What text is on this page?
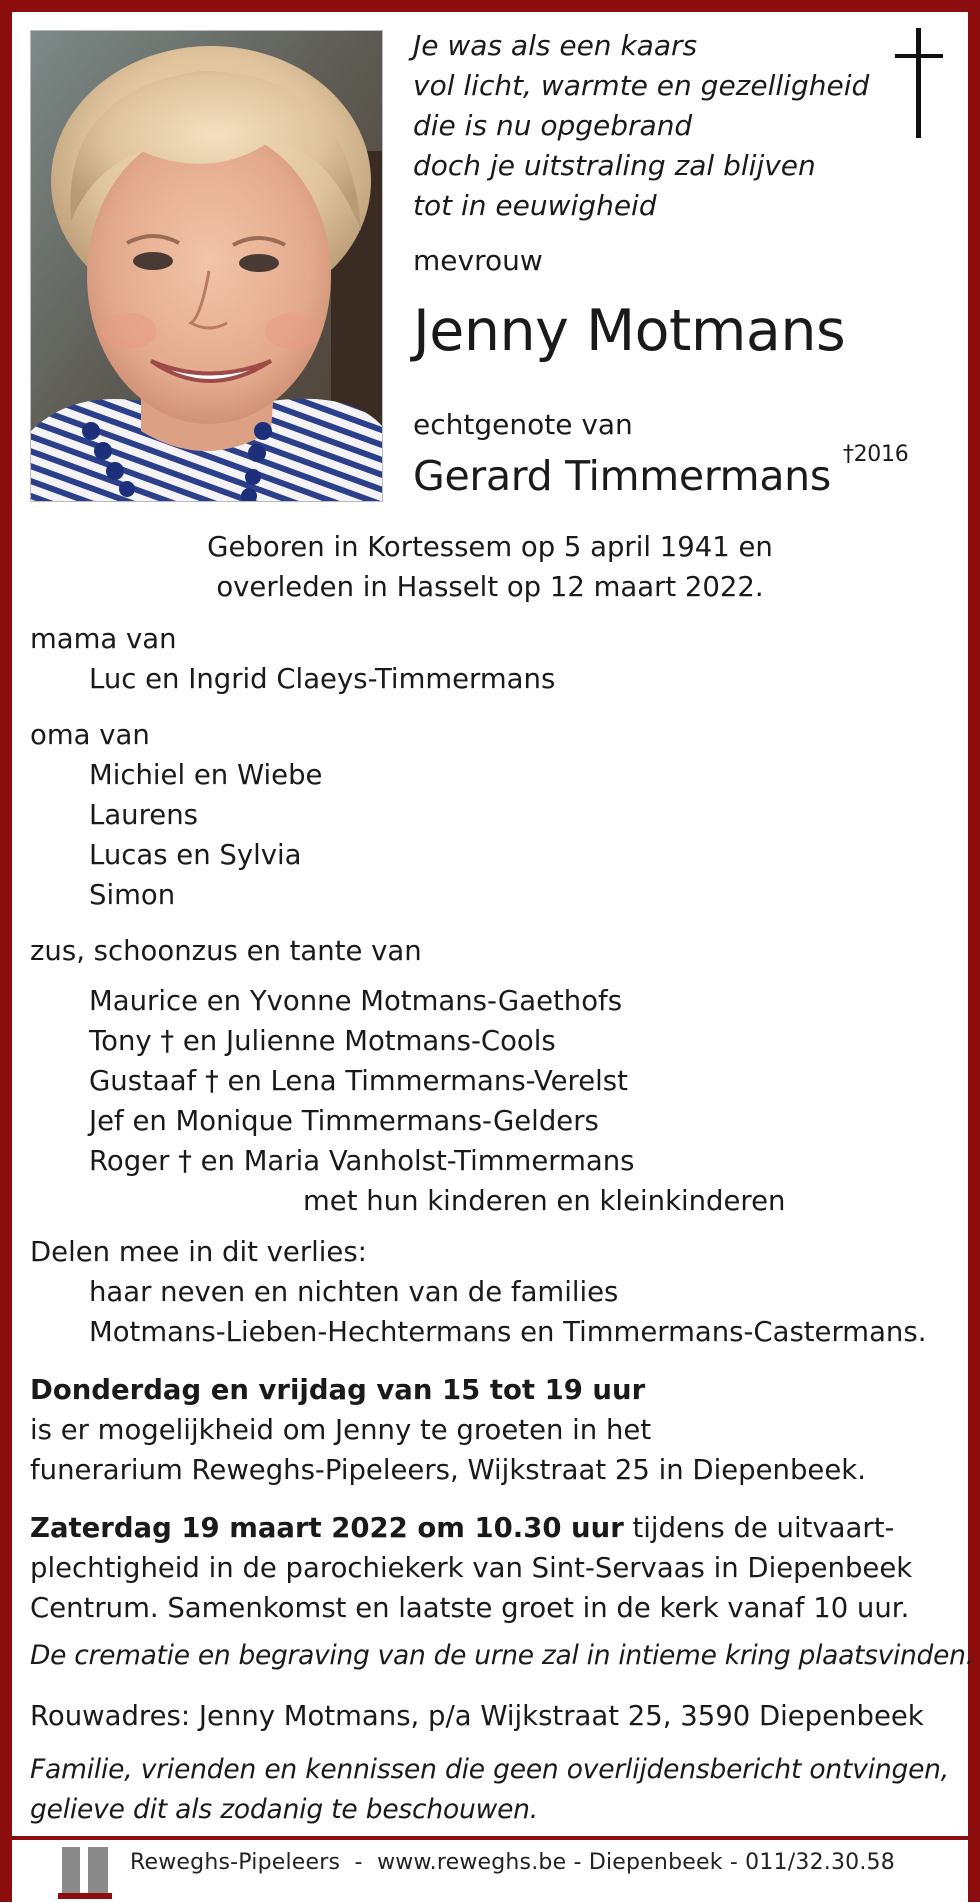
Je was als een kaars
vol licht, warmte en gezelligheid
die is nu opgebrand
doch je uitstraling zal blijven
tot in eeuwigheid
mevrouw
Jenny Motmans
echtgenote van
Gerard Timmermans $^{\dagger 2016}$
Geboren in Kortessem op 5 april 1941 en
overleden in Hasselt op 12 maart 2022.
mama van
Luc en Ingrid Claeys-Timmermans
oma van
Michiel en Wiebe
Laurens
Lucas en Sylvia
Simon
zus, schoonzus en tante van
Maurice en Yvonne Motmans-Gaethofs
Tony † en Julienne Motmans-Cools
Gustaaf † en Lena Timmermans-Verelst
Jef en Monique Timmermans-Gelders
Roger † en Maria Vanholst-Timmermans
met hun kinderen en kleinkinderen
Delen mee in dit verlies:
haar neven en nichten van de families
Motmans-Lieben-Hechtermans en Timmermans-Castermans.
Donderdag en vrijdag van 15 tot 19 uur
is er mogelijkheid om Jenny te groeten in het
funerarium Reweghs-Pipeleers, Wijkstraat 25 in Diepenbeek.
Zaterdag 19 maart 2022 om 10.30 uur tijdens de uitvaart-
plechtigheid in de parochiekerk van Sint-Servaas in Diepenbeek
Centrum. Samenkomst en laatste groet in de kerk vanaf 10 uur.
De crematie en begraving van de urne zal in intieme kring plaatsvinden.
Rouwadres: Jenny Motmans, p/a Wijkstraat 25, 3590 Diepenbeek
Familie, vrienden en kennissen die geen overlijdensbericht ontvingen,
gelieve dit als zodanig te beschouwen.
Reweghs-Pipeleers  -  www.reweghs.be - Diepenbeek - 011/32.30.58
